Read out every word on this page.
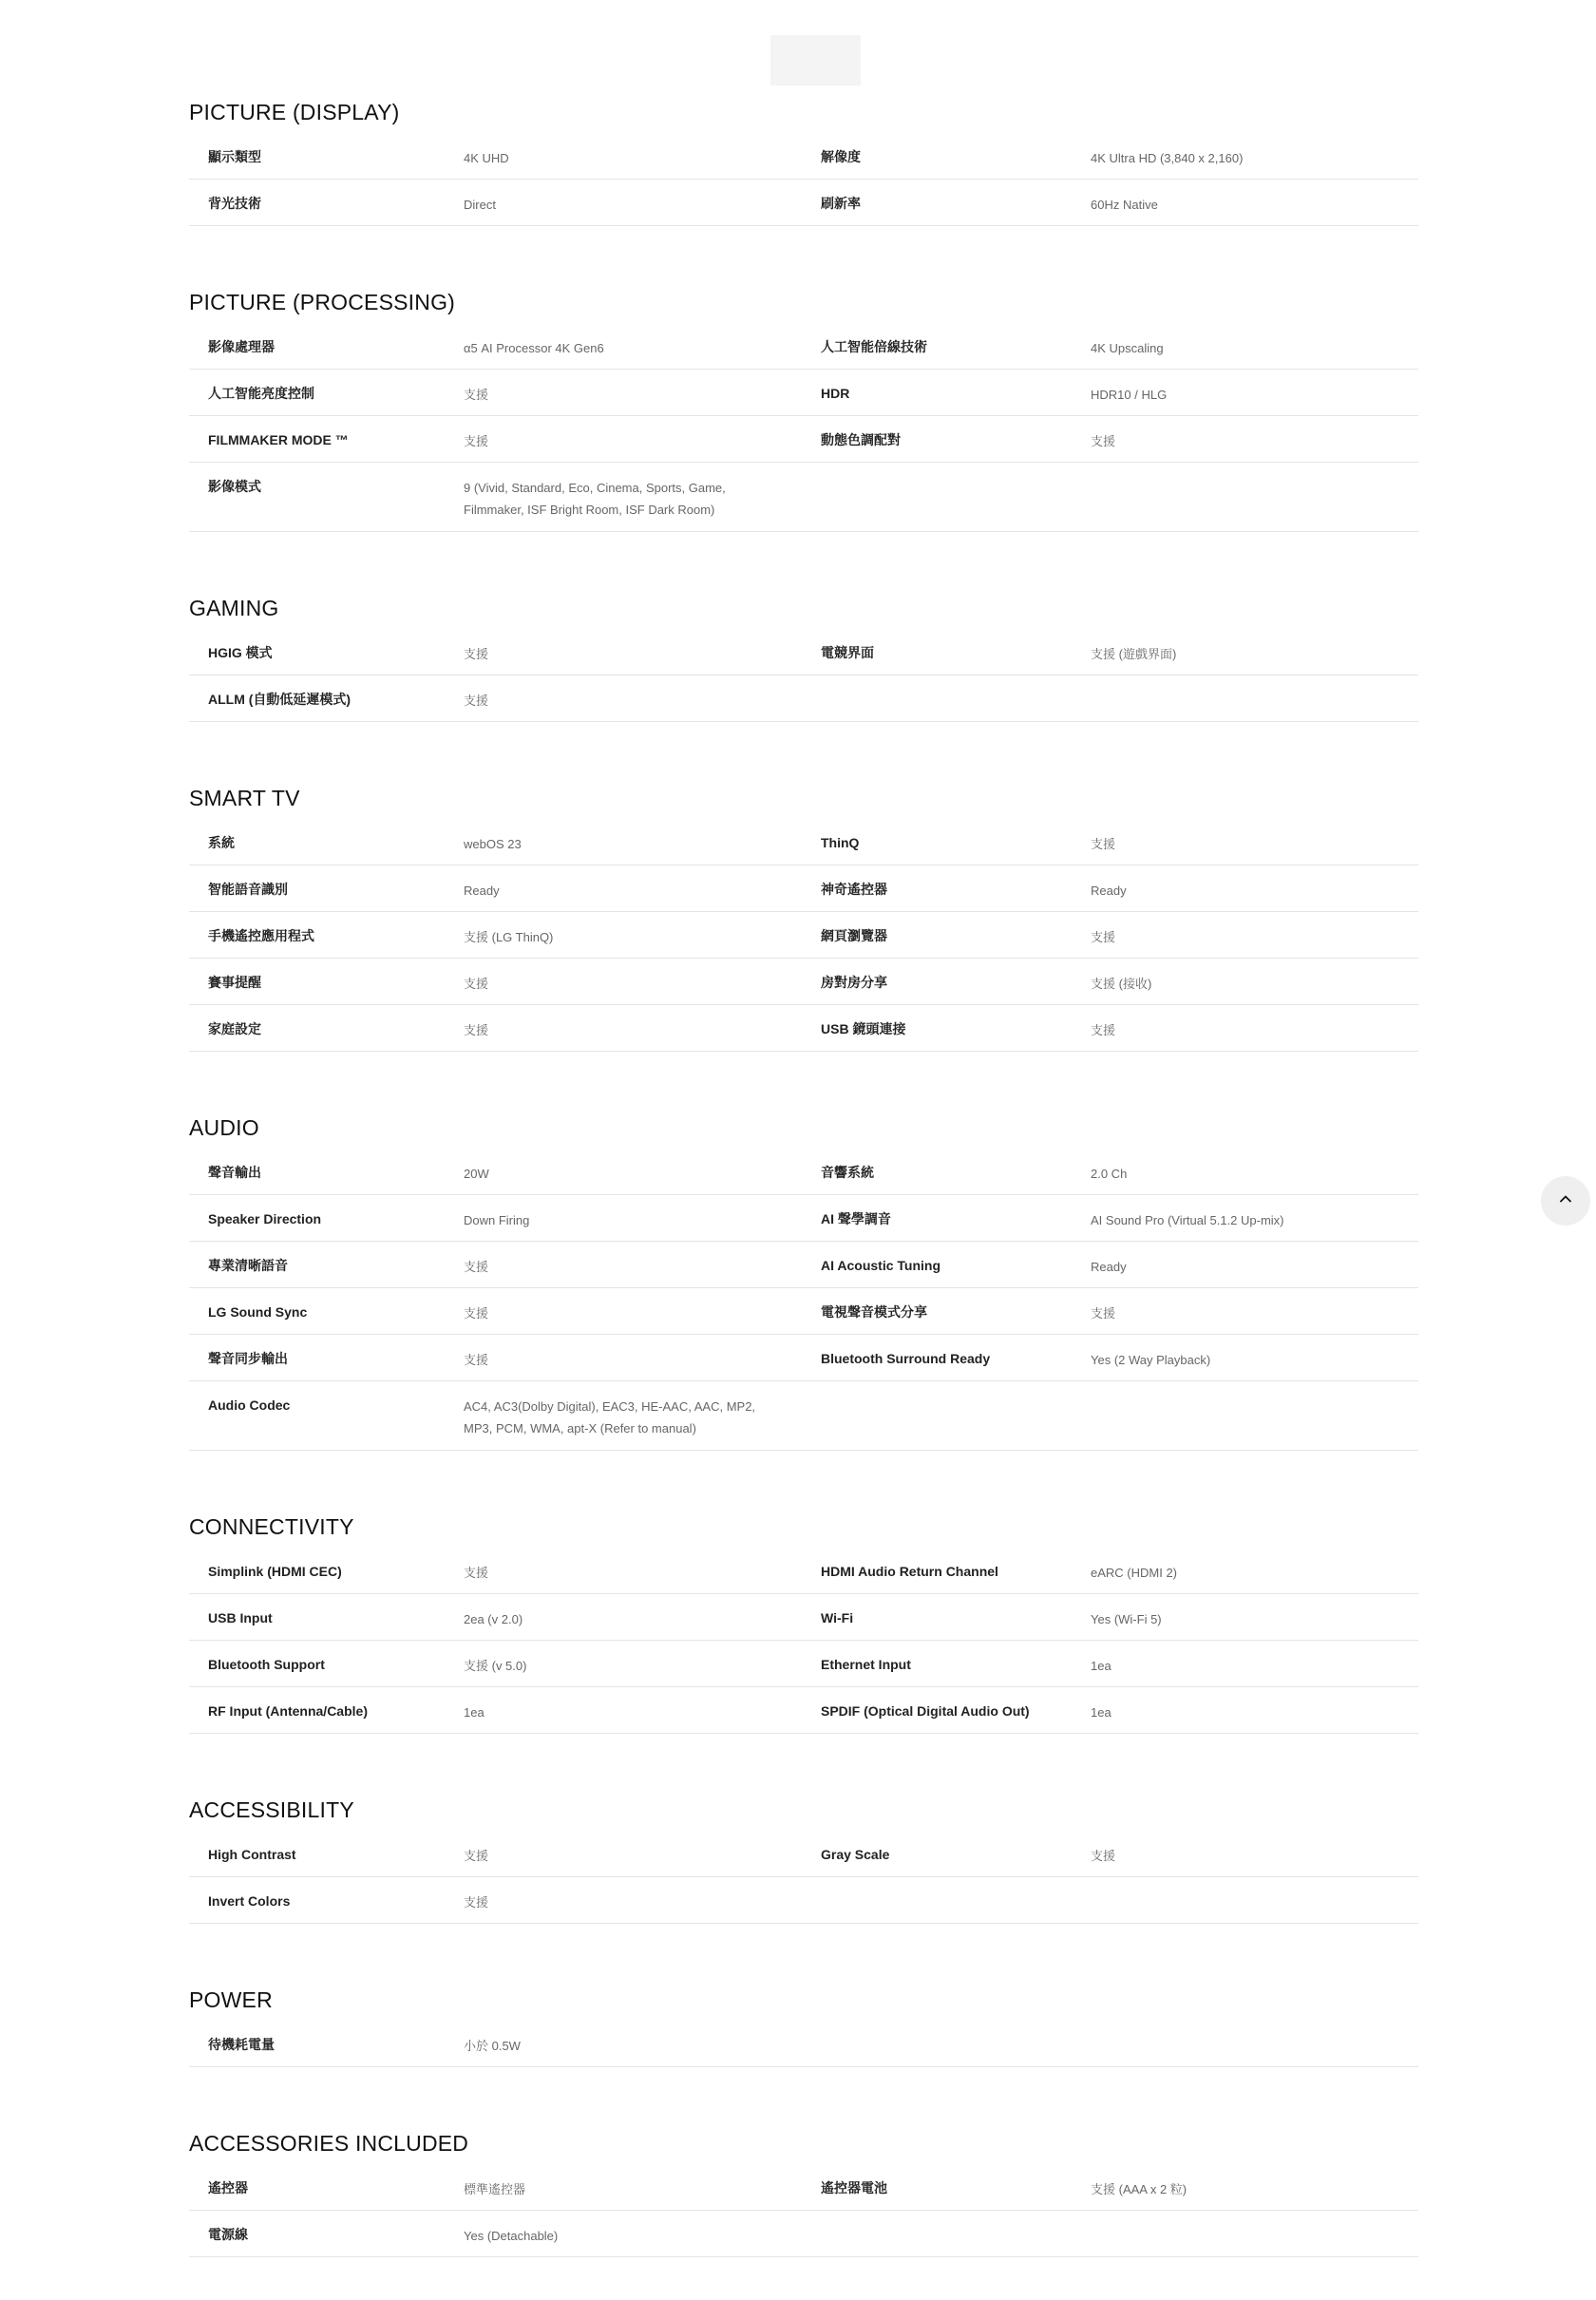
PICTURE (DISPLAY)
顯示類型	4K UHD	解像度	4K Ultra HD (3,840 x 2,160)
背光技術	Direct	刷新率	60Hz Native
PICTURE (PROCESSING)
影像處理器	α5 AI Processor 4K Gen6	人工智能倍線技術	4K Upscaling
人工智能亮度控制	支援	HDR	HDR10 / HLG
FILMMAKER MODE ™	支援	動態色調配對	支援
影像模式	9 (Vivid, Standard, Eco, Cinema, Sports, Game,
Filmmaker, ISF Bright Room, ISF Dark Room)
GAMING
HGIG 模式	支援	電競界面	支援 (遊戲界面)
ALLM (自動低延遲模式)	支援
SMART TV
系統	webOS 23	ThinQ	支援
智能語音識別	Ready	神奇遙控器	Ready
手機遙控應用程式	支援 (LG ThinQ)	網頁瀏覽器	支援
賽事提醒	支援	房對房分享	支援 (接收)
家庭設定	支援	USB 鏡頭連接	支援
AUDIO
聲音輸出	20W	音響系統	2.0 Ch
Speaker Direction	Down Firing	AI 聲學調音	AI Sound Pro (Virtual 5.1.2 Up-mix)
專業清晰語音	支援	AI Acoustic Tuning	Ready
LG Sound Sync	支援	電視聲音模式分享	支援
聲音同步輸出	支援	Bluetooth Surround Ready	Yes (2 Way Playback)
Audio Codec	AC4, AC3(Dolby Digital), EAC3, HE-AAC, AAC, MP2,
MP3, PCM, WMA, apt-X (Refer to manual)
CONNECTIVITY
Simplink (HDMI CEC)	支援	HDMI Audio Return Channel	eARC (HDMI 2)
USB Input	2ea (v 2.0)	Wi-Fi	Yes (Wi-Fi 5)
Bluetooth Support	支援 (v 5.0)	Ethernet Input	1ea
RF Input (Antenna/Cable)	1ea	SPDIF (Optical Digital Audio Out)	1ea
ACCESSIBILITY
High Contrast	支援	Gray Scale	支援
Invert Colors	支援
POWER
待機耗電量	小於 0.5W
ACCESSORIES INCLUDED
遙控器	標準遙控器	遙控器電池	支援 (AAA x 2 粒)
電源線	Yes (Detachable)
